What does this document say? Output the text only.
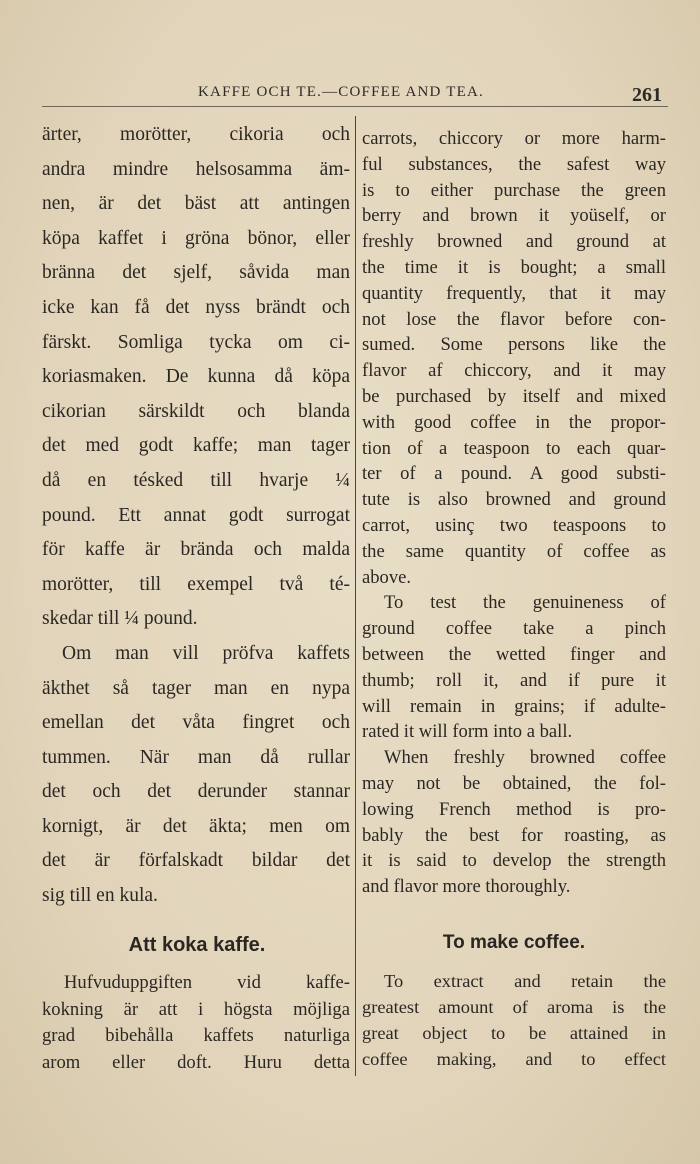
KAFFE OCH TE.—COFFEE AND TEA.	261
ärter, morötter, cikoria och
andra mindre helsosamma äm-
nen, är det bäst att antingen
köpa kaffet i gröna bönor, eller
bränna det sjelf, såvida man
icke kan få det nyss brändt och
färskt. Somliga tycka om ci-
koriasmaken. De kunna då köpa
cikorian särskildt och blanda
det med godt kaffe; man tager
då en tésked till hvarje ¼
pound. Ett annat godt surrogat
för kaffe är brända och malda
morötter, till exempel två té-
skedar till ¼ pound.
Om man vill pröfva kaffets
äkthet så tager man en nypa
emellan det våta fingret och
tummen. När man då rullar
det och det derunder stannar
kornigt, är det äkta; men om
det är förfalskadt bildar det
sig till en kula.
carrots, chiccory or more harm-
ful substances, the safest way
is to either purchase the green
berry and brown it yoüself, or
freshly browned and ground at
the time it is bought; a small
quantity frequently, that it may
not lose the flavor before con-
sumed. Some persons like the
flavor af chiccory, and it may
be purchased by itself and mixed
with good coffee in the propor-
tion of a teaspoon to each quar-
ter of a pound. A good substi-
tute is also browned and ground
carrot, usinç two teaspoons to
the same quantity of coffee as
above.
To test the genuineness of
ground coffee take a pinch
between the wetted finger and
thumb; roll it, and if pure it
will remain in grains; if adulte-
rated it will form into a ball.
When freshly browned coffee
may not be obtained, the fol-
lowing French method is pro-
bably the best for roasting, as
it is said to develop the strength
and flavor more thoroughly.
Att koka kaffe.	To make coffee.
Hufvuduppgiften vid kaffe-
kokning är att i högsta möjliga
grad bibehålla kaffets naturliga
arom eller doft. Huru detta
To extract and retain the
greatest amount of aroma is the
great object to be attained in
coffee making, and to effect
